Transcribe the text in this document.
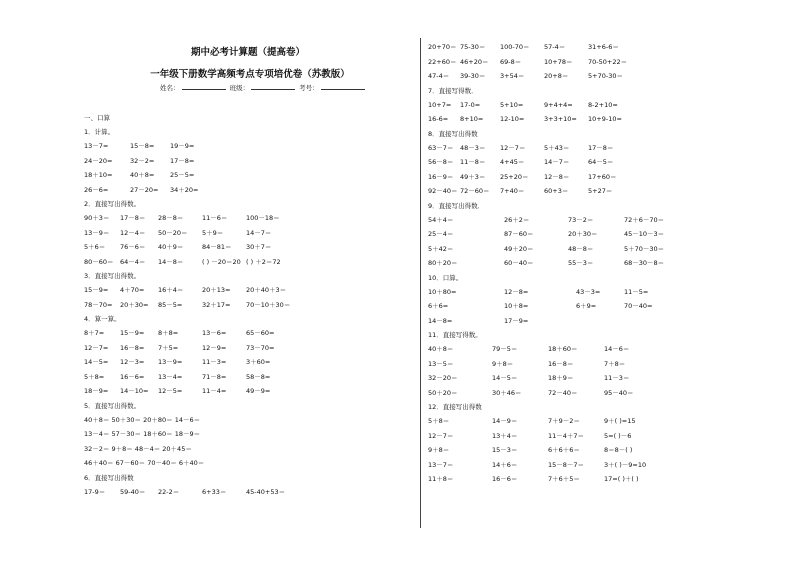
期中必考计算题（提高卷）
一年级下册数学高频考点专项培优卷（苏教版）
姓名：	班级：	考号：
一、口算
1．计算。
13－7=	15－8= 19－9=
24－20=	32－2= 17－8=
18＋10=	40＋8= 25－5=
26－6=	27－20= 34＋20=
2．直接写出得数。
90＋3＝ 17－8＝ 28－8＝	11－6＝	100－18＝
13－9＝ 12－4＝ 50－20＝ 5＋9＝	14－7＝
5＋6＝ 76－6＝ 40＋9＝	84－81＝ 30＋7＝
80－60＝ 64－4＝ 14－8＝	( ) －20＝20 ( ) ＋2＝72
3．直接写出得数。
15－9= 4＋70= 16＋4＝	20＋13= 20＋40＋3＝
78－70= 20＋30= 85－5=	32＋17= 70－10＋30＝
4．算一算。
8＋7= 15－9= 8＋8=	13－6=	65－60=
12－7= 16－8= 7＋5=	12－9=	73－70=
14－5= 12－3= 13－9=	11－3=	3＋60=
5＋8= 16－6= 13－4=	71－8=	58－8=
18－9= 14－10= 12－5=	11－4=	49－9=
5．直接写出得数。
40＋8＝ 50＋30＝ 20＋80＝ 14－6＝
13－4＝ 57－30＝ 18＋60＝ 18－9＝
32－2＝ 9＋8＝ 48－4＝ 20＋45＝
46＋40＝ 67－60＝ 70－40＝ 6＋40＝
6．直接写出得数
17-9＝ 59-40＝ 22-2＝	6+33＝	45-40+53＝
20+70＝ 75-30＝ 100-70＝ 57-4＝	31+6-6＝
22+60＝ 46+20＝ 69-8＝	10+78＝ 70-50+22＝
47-4＝ 39-30＝ 3+54＝	20+8＝	5+70-30＝
7．直接写得数．
10+7= 17-0=	5+10=	9+4+4= 8-2+10=
16-6= 8+10=	12-10=	3+3+10= 10+9-10=
8．直接写出得数
63－7＝ 48－3＝ 12－7＝	5＋43＝	17－8＝
56－8＝ 11－8＝ 4+45＝	14－7＝	64－5＝
16－9＝ 49＋3＝ 25+20＝ 12－8＝	17+60＝
92－40＝ 72－60＝ 7+40＝	60+3＝	5+27＝
9．直接写出得数．
54＋4＝	26＋2＝	73－2＝	72＋6－70＝
25－4＝	87－60＝	20＋30＝	45－10－3＝
5＋42＝	49＋20＝	48－8＝	5＋70－30＝
80＋20＝	60－40＝	55－3＝	68－30－8＝
10．口算。
10＋80=	12－8=	43－3=	11－5=
6＋6=	10＋8=	6＋9=	70－40=
14－8=	17－9=
11．直接写得数。
40＋8＝	79－5＝	18＋60＝	14－6＝
13－5＝	9＋8＝	16－8＝	7＋8＝
32－20＝	14－5＝	18＋9＝	11－3＝
50＋20＝	30＋46＝	72－40＝	95－40＝
12．直接写出得数
5＋8＝	14－9＝	7＋9－2＝	9＋( )=15
12－7＝	13＋4＝	11－4＋7＝	5=( )－6
9＋8＝	15－3＝	6＋6＋6＝	8＝8－( )
13－7＝	14＋6＝	15－8－7＝	3＋( )－9=10
11＋8＝	16－6＝	7＋6＋5＝	17=( )＋( )
